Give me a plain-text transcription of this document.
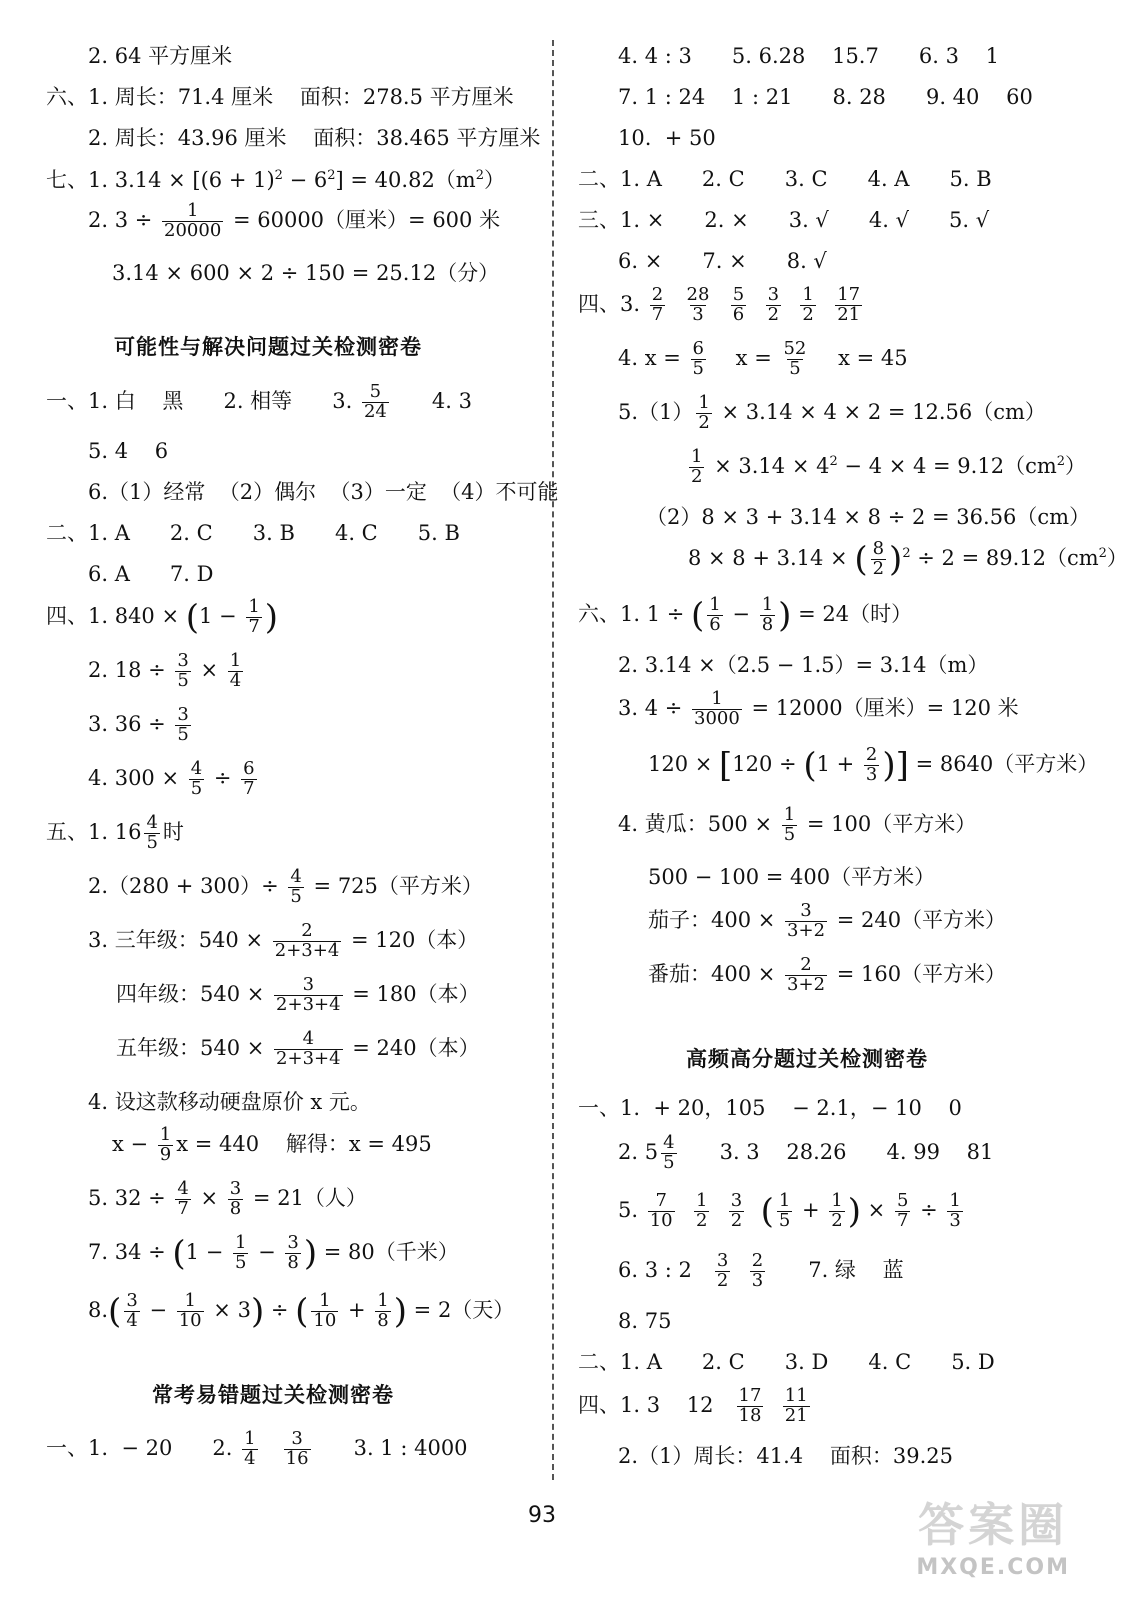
2. 64 平方厘米
六、1. 周长：71.4 厘米    面积：278.5 平方厘米
2. 周长：43.96 厘米    面积：38.465 平方厘米
七、1. $3.14 \times [(6 + 1)^2 - 6^2] = 40.82(m^2)$
2. $3 \div \frac{1}{20000} = 60000$（厘米）= 600 米
3.14 × 600 × 2 ÷ 150 = 25.12（分）
可能性与解决问题过关检测密卷
一、1. 白    黑      2. 相等      3. $\frac{5}{24} 4$. 3
5. 4    6
6.（1）经常  （2）偶尔  （3）一定  （4）不可能
二、1. A      2. C      3. B      4. C      5. B
6. A      7. D
四、1. $840 \times (1 - \frac{1}{7}$ )
2. $18 \div \frac{3}{5} \times \frac{1}{4}$
3. $36 \div \frac{3}{5}$
4. $300 \times \frac{4}{5} \div \frac{6}{7}$
五、1. $16 \frac{4}{5}$ 时
$2.(280 + 300)\div \frac{4}{5} = 725$（平方米）
3. 三年级：$540 \times \frac{2}{2+3+4} = 120$（本）
四年级：$540 \times \frac{3}{2+3+4} = 180$（本）
五年级：$540 \times \frac{4}{2+3+4} = 240$（本）
4. 设这款移动硬盘原价 x 元。
$x - \frac{1}{9}$ x = 440    解得：x = 495
5. $32 \div \frac{4}{7} \times \frac{3}{8} = 21$（人）
7. $34 \div (1 - \frac{1}{5} - \frac{3}{8}$ ) = 80（千米）
$8.( \frac{3}{4} - \frac{1}{10} \times 3)$ ÷ ( $\frac{1}{10} + \frac{1}{8}$ ) = 2（天）
常考易错题过关检测密卷
一、1.  − 20      2. $\frac{1}{4}$
$\frac{3}{16} 3$. 1 : 4000
4. 4 : 3      5. 6.28    15.7      6. 3    1
7. 1 : 24    1 : 21      8. 28      9. 40    60
10.  + 50
二、1. A      2. C      3. C      4. A      5. B
三、1. ×      2. ×      3. √      4. √      5. √
6. ×      7. ×      8. √
四、3. $\frac{2}{7}$
$\frac{28}{3}$
$\frac{5}{6}$
$\frac{3}{2}$
$\frac{1}{2}$
$\frac{17}{21}$
4. $x = \frac{6}{5}$ $x = \frac{52}{5}$ x = 45
$5.(1) \frac{1}{2} \times 3.14 \times 4 \times 2 = 12.56(cm)$
$\frac{1}{2} \times 3.14 \times 4^2 - 4 \times 4 = 9.12(cm^2)$
（2）8 × 3 + 3.14 × 8 ÷ 2 = 36.56（cm）
8 × 8 + 3.14 × ( $\frac{8}{2} )^2 \div 2 = 89.12(cm^2)$
六、1. 1 ÷ ( $\frac{1}{6} - \frac{1}{8}$ ) = 24（时）
2. 3.14 ×（2.5 − 1.5）= 3.14（m）
3. $4 \div \frac{1}{3000} = 12000$（厘米）= 120 米
$120 \times [120 \div (1 + \frac{2}{3}$ )] = 8640（平方米）
4. 黄瓜：$500 \times \frac{1}{5} = 100$（平方米）
500 − 100 = 400（平方米）
茄子：$400 \times \frac{3}{3+2} = 240$（平方米）
番茄：$400 \times \frac{2}{3+2} = 160$（平方米）
高频高分题过关检测密卷
一、1.  + 20，105    − 2.1，− 10    0
2. $5 \frac{4}{5} 3$. 3    28.26      4. 99    81
5. $\frac{7}{10}$
$\frac{1}{2}$
$\frac{3}{2}$ ( $\frac{1}{5} + \frac{1}{2}$ ) × $\frac{5}{7} \div \frac{1}{3}$
6. 3 : $2 \frac{3}{2}$
$\frac{2}{3} 7$. 绿    蓝
8. 75
二、1. A      2. C      3. D      4. C      5. D
四、1. 3    $12 \frac{17}{18}$
$\frac{11}{21}$
2.（1）周长：41.4    面积：39.25
93	答案圈
MXQE.COM
